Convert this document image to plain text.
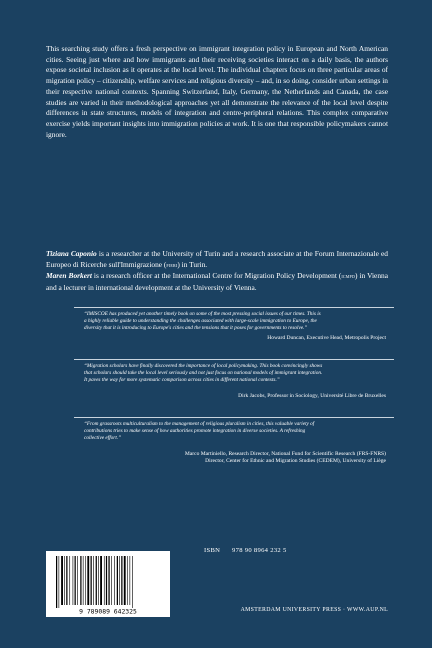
This searching study offers a fresh perspective on immigrant integration policy in European and North American cities. Seeing just where and how immigrants and their receiving societies interact on a daily basis, the authors expose societal inclusion as it operates at the local level. The individual chapters focus on three particular areas of migration policy – citizenship, welfare services and religious diversity – and, in so doing, consider urban settings in their respective national contexts. Spanning Switzerland, Italy, Germany, the Netherlands and Canada, the case studies are varied in their methodological approaches yet all demonstrate the relevance of the local level despite differences in state structures, models of integration and centre-peripheral relations. This complex comparative exercise yields important insights into immigration policies at work. It is one that responsible policymakers cannot ignore.

Tiziana Caponio is a researcher at the University of Turin and a research associate at the Forum Internazionale ed Europeo di Ricerche sull'Immigrazione (fieri) in Turin.

Maren Borkert is a research officer at the International Centre for Migration Policy Development (icmpd) in Vienna and a lecturer in international development at the University of Vienna.

“IMISCOE has produced yet another timely book on some of the most pressing social issues of our times. This is
a highly reliable guide to understanding the challenges associated with large-scale immigration to Europe, the
diversity that it is introducing to Europe's cities and the tensions that it poses for governments to resolve.”
Howard Duncan, Executive Head, Metropolis Project
“Migration scholars have finally discovered the importance of local policymaking. This book convincingly shows
that scholars should take the local level seriously and not just focus on national models of immigrant integration.
It paves the way for more systematic comparison across cities in different national contexts.”
Dirk Jacobs, Professor in Sociology, Université Libre de Bruxelles
“From grassroots multiculturalism to the management of religious pluralism in cities, this valuable variety of
contributions tries to make sense of how authorities promote integration in diverse societies. A refreshing
collective effort.”
Marco Martiniello, Research Director, National Fund for Scientific Research (FRS-FNRS)
Director, Center for Ethnic and Migration Studies (CEDEM), University of Liège
ISBN 978 90 8964 232 5
9 789089 642325	AMSTERDAM UNIVERSITY PRESS · WWW.AUP.NL
